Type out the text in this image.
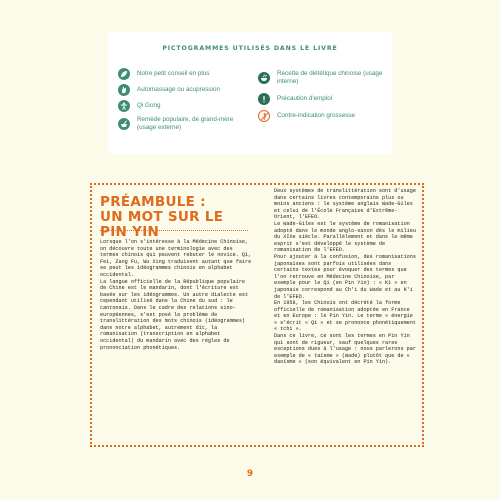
PICTOGRAMMES UTILISÉS DANS LE LIVRE
Notre petit conseil en plus
Automassage ou acupression
Qi Gong
Remède populaire, de grand-mère (usage externe)
Recette de diététique chinoise (usage interne)
Précaution d'emploi
Contre-indication grossesse
PRÉAMBULE :
UN MOT SUR LE PIN YIN

Lorsque l'on s'intéresse à la Médecine Chinoise, on découvre toute une terminologie avec des termes chinois qui peuvent rebuter le novice. Qi, Fei, Zang Fu, Wu Xing traduisent autant que faire se peut les idéogrammes chinois en alphabet occidental.

La langue officielle de la République populaire de Chine est le mandarin, dont l'écriture est basée sur les idéogrammes. Un autre dialecte est cependant utilisé dans la Chine du sud : le cantonais. Dans le cadre des relations sino-européennes, s'est posé le problème de translittération des mots chinois (idéogrammes) dans notre alphabet, autrement dit, la romanisation (transcription en alphabet occidental) du mandarin avec des règles de prononciation phonétiques.

Deux systèmes de translittération sont d'usage dans certains livres contemporains plus ou moins anciens : le système anglais Wade-Giles et celui de l'École Française d'Extrême-Orient, l'EFEO.

Le Wade-Giles est le système de romanisation adopté dans le monde anglo-saxon dès le milieu du XIXe siècle. Parallèlement et dans le même esprit s'est développé le système de romanisation de l'EFEO.

Pour ajouter à la confusion, des romanisations japonaises sont parfois utilisées dans certains textes pour évoquer des termes que l'on retrouve en Médecine Chinoise, par exemple pour le Qi (en Pin Yin) : « Ki » en japonais correspond au Ch'i du Wade et au K'i de l'EFEO.

En 1958, les Chinois ont décrété la forme officielle de romanisation adoptée en France et en Europe : le Pin Yin. Le terme « énergie » s'écrit « Qi » et se prononce phonétiquement « tchi ».

Dans ce livre, ce sont les termes en Pin Yin qui sont de rigueur, sauf quelques rares exceptions dues à l'usage : nous parlerons par exemple de « taïsme » (Wade) plutôt que de « daoïsme » (son équivalent en Pin Yin).

9
